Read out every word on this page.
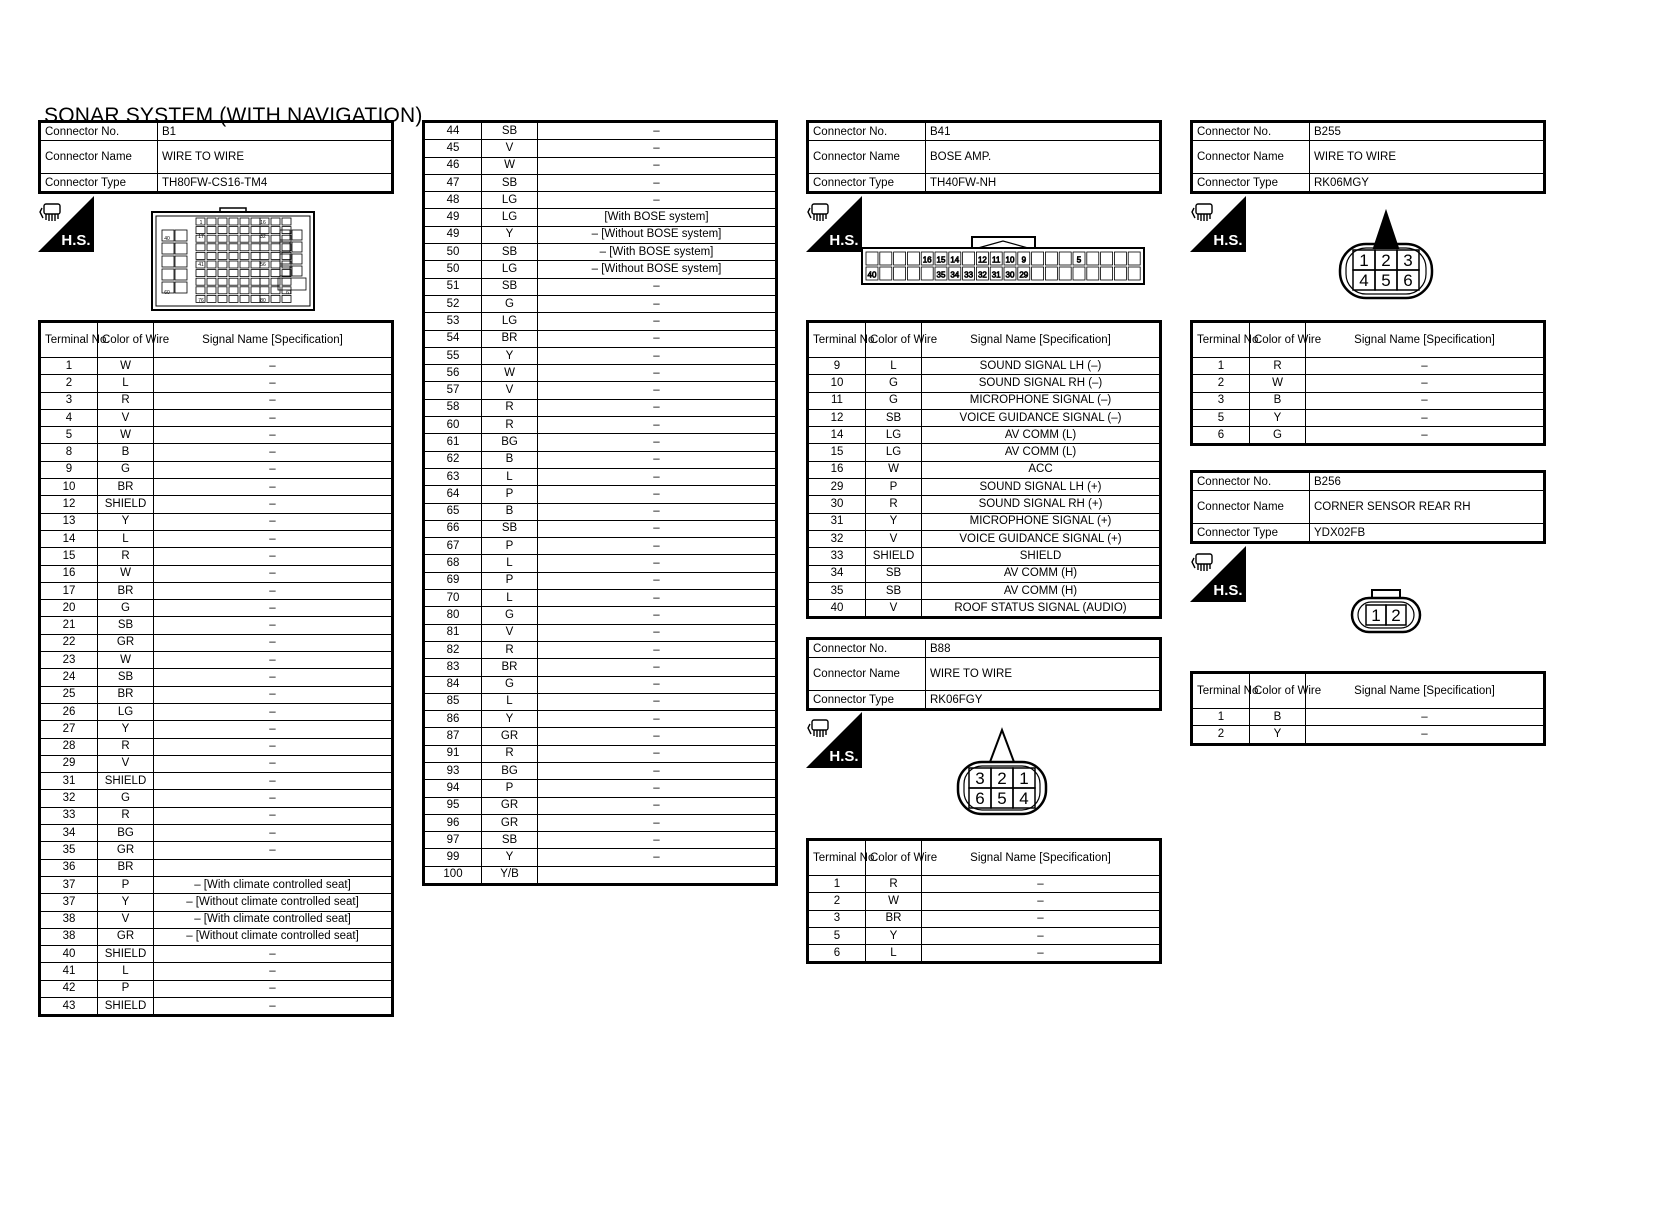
SONAR SYSTEM (WITH NAVIGATION)
Connector No.	B1
Connector Name	WIRE TO WIRE
Connector Type	TH80FW-CS16-TM4
H.S.
1	16
17	32
40
41	56
60	61
76	80
Terminal No.	Color of Wire	Signal Name [Specification]
1	W	–
2	L	–
3	R	–
4	V	–
5	W	–
8	B	–
9	G	–
10	BR	–
12	SHIELD	–
13	Y	–
14	L	–
15	R	–
16	W	–
17	BR	–
20	G	–
21	SB	–
22	GR	–
23	W	–
24	SB	–
25	BR	–
26	LG	–
27	Y	–
28	R	–
29	V	–
31	SHIELD	–
32	G	–
33	R	–
34	BG	–
35	GR	–
36	BR	
37	P	– [With climate controlled seat]
37	Y	– [Without climate controlled seat]
38	V	– [With climate controlled seat]
38	GR	– [Without climate controlled seat]
40	SHIELD	–
41	L	–
42	P	–
43	SHIELD	–
44	SB	–
45	V	–
46	W	–
47	SB	–
48	LG	–
49	LG	[With BOSE system]
49	Y	– [Without BOSE system]
50	SB	– [With BOSE system]
50	LG	– [Without BOSE system]
51	SB	–
52	G	–
53	LG	–
54	BR	–
55	Y	–
56	W	–
57	V	–
58	R	–
60	R	–
61	BG	–
62	B	–
63	L	–
64	P	–
65	B	–
66	SB	–
67	P	–
68	L	–
69	P	–
70	L	–
80	G	–
81	V	–
82	R	–
83	BR	–
84	G	–
85	L	–
86	Y	–
87	GR	–
91	R	–
93	BG	–
94	P	–
95	GR	–
96	GR	–
97	SB	–
99	Y	–
100	Y/B	
Connector No.	B41
Connector Name	BOSE AMP.
Connector Type	TH40FW-NH
H.S.
16 15 14 12 11 10 9	5
40	35 34 33 32 31 30 29
Terminal No.	Color of Wire	Signal Name [Specification]
9	L	SOUND SIGNAL LH (–)
10	G	SOUND SIGNAL RH (–)
11	G	MICROPHONE SIGNAL (–)
12	SB	VOICE GUIDANCE SIGNAL (–)
14	LG	AV COMM (L)
15	LG	AV COMM (L)
16	W	ACC
29	P	SOUND SIGNAL LH (+)
30	R	SOUND SIGNAL RH (+)
31	Y	MICROPHONE SIGNAL (+)
32	V	VOICE GUIDANCE SIGNAL (+)
33	SHIELD	SHIELD
34	SB	AV COMM (H)
35	SB	AV COMM (H)
40	V	ROOF STATUS SIGNAL (AUDIO)
Connector No.	B88
Connector Name	WIRE TO WIRE
Connector Type	RK06FGY
H.S.
3 2 1
6 5 4
Terminal No.	Color of Wire	Signal Name [Specification]
1	R	–
2	W	–
3	BR	–
5	Y	–
6	L	–
Connector No.	B255
Connector Name	WIRE TO WIRE
Connector Type	RK06MGY
H.S.
1 2 3
4 5 6
Terminal No.	Color of Wire	Signal Name [Specification]
1	R	–
2	W	–
3	B	–
5	Y	–
6	G	–
Connector No.	B256
Connector Name	CORNER SENSOR REAR RH
Connector Type	YDX02FB
H.S.
1 2
Terminal No.	Color of Wire	Signal Name [Specification]
1	B	–
2	Y	–
